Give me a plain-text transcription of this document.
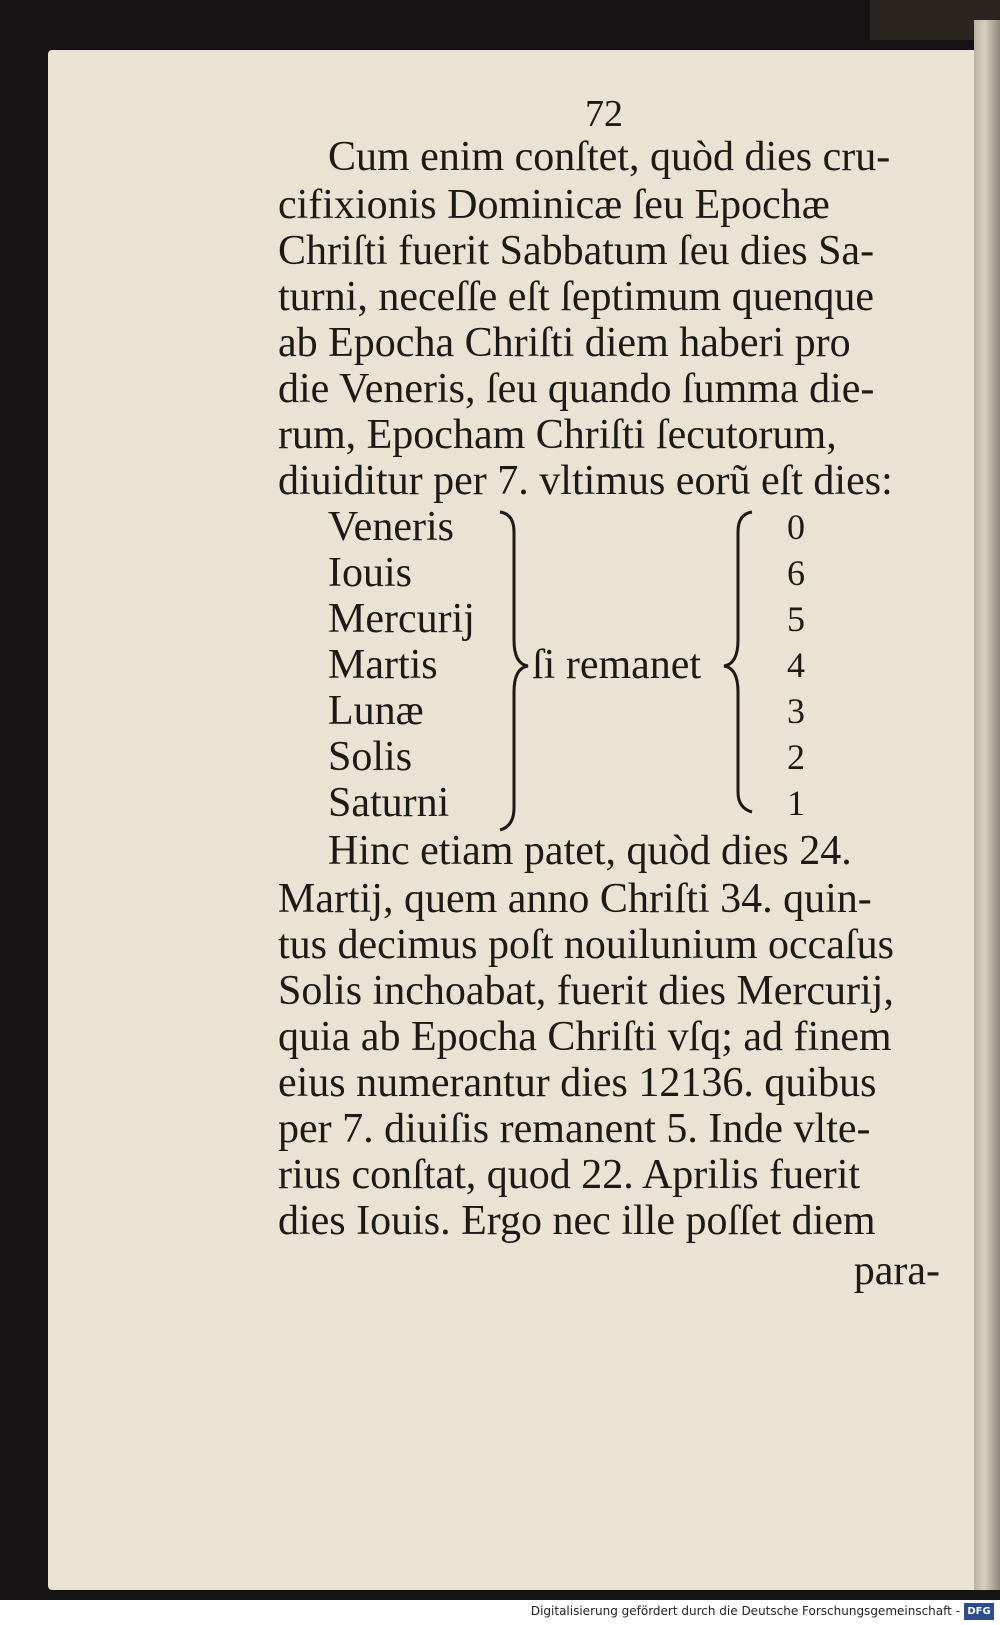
72
Cum enim conſtet, quòd dies cru-
cifixionis Dominicæ ſeu Epochæ
Chriſti fuerit Sabbatum ſeu dies Sa-
turni, neceſſe eſt ſeptimum quenque
ab Epocha Chriſti diem haberi pro
die Veneris, ſeu quando ſumma die-
rum, Epocham Chriſti ſecutorum,
diuiditur per 7. vltimus eorũ eſt dies:
Veneris
Iouis
Mercurij
Martis
Lunæ
Solis
Saturni
ſi remanet
0
6
5
4
3
2
1
Hinc etiam patet, quòd dies 24.
Martij, quem anno Chriſti 34. quin-
tus decimus poſt nouilunium occaſus
Solis inchoabat, fuerit dies Mercurij,
quia ab Epocha Chriſti vſq; ad finem
eius numerantur dies 12136. quibus
per 7. diuiſis remanent 5. Inde vlte-
rius conſtat, quod 22. Aprilis fuerit
dies Iouis. Ergo nec ille poſſet diem
para-
Digitalisierung gefördert durch die Deutsche Forschungsgemeinschaft - DFG
